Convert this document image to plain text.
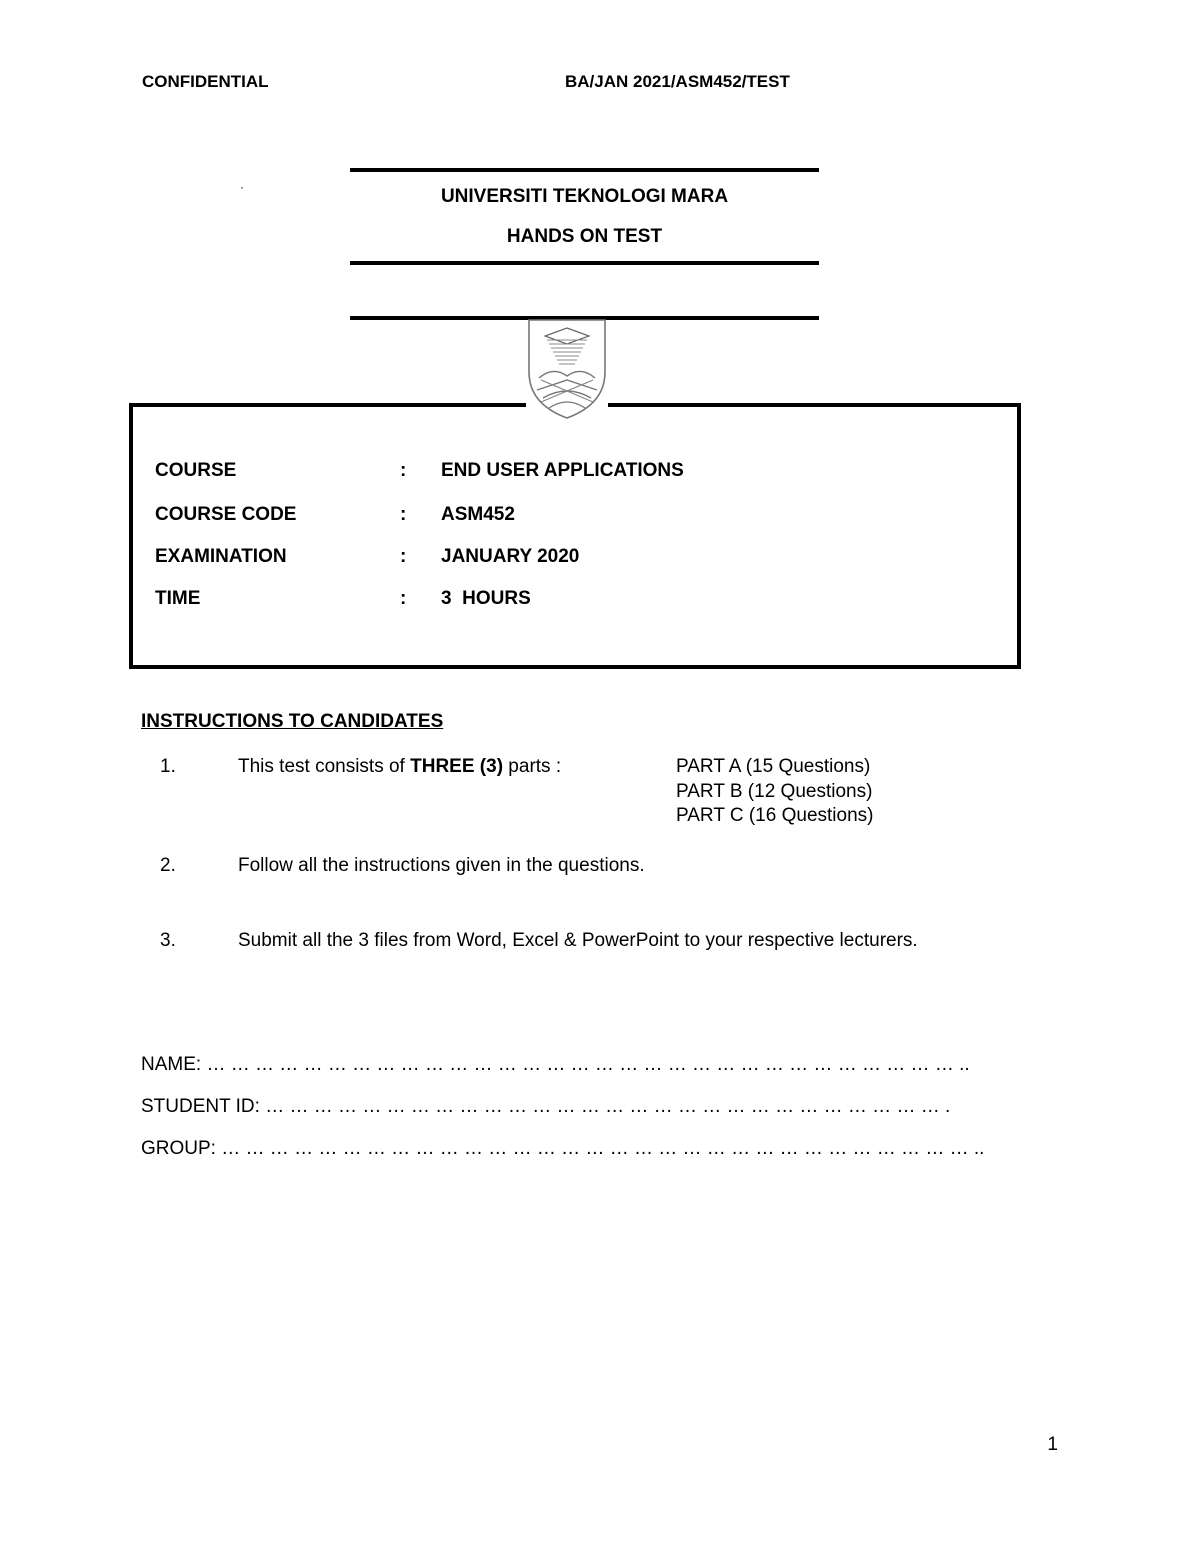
CONFIDENTIAL	BA/JAN 2021/ASM452/TEST
·	UNIVERSITI TEKNOLOGI MARA
HANDS ON TEST
COURSE	: END USER APPLICATIONS
COURSE CODE	: ASM452
EXAMINATION	: JANUARY 2020
TIME	: 3  HOURS
INSTRUCTIONS TO CANDIDATES
1.	This test consists of THREE (3) parts :	PART A (15 Questions)
PART B (12 Questions)
PART C (16 Questions)
2.	Follow all the instructions given in the questions.
3.	Submit all the 3 files from Word, Excel & PowerPoint to your respective lecturers.
NAME: … … … … … … … … … … … … … … … … … … … … … … … … … … … … … … … ..
STUDENT ID: … … … … … … … … … … … … … … … … … … … … … … … … … … … … .
GROUP: … … … … … … … … … … … … … … … … … … … … … … … … … … … … … … … ..
1
